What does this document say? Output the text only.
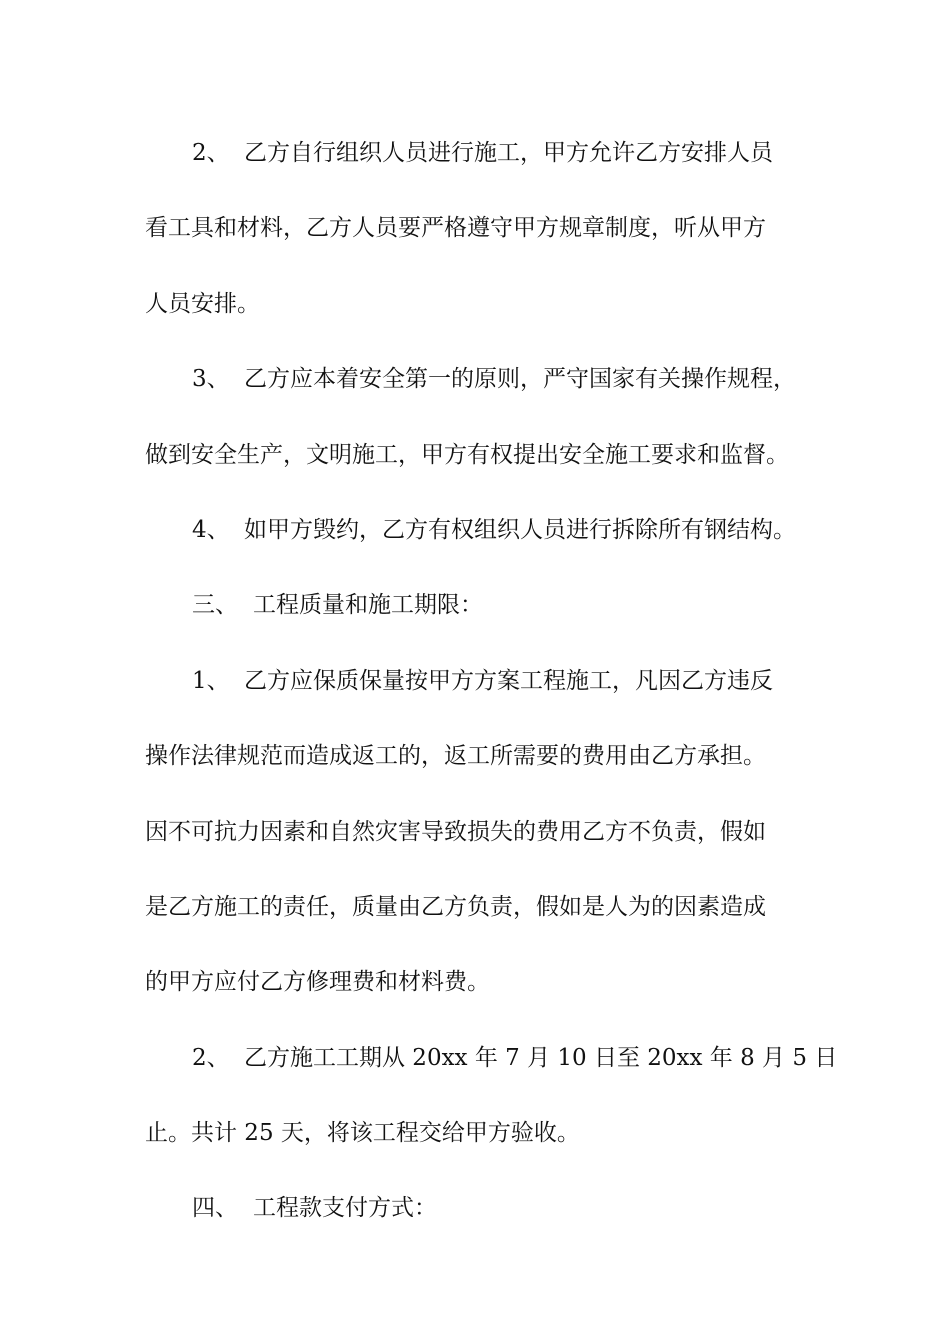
2、 乙方自行组织人员进行施工，甲方允许乙方安排人员
看工具和材料，乙方人员要严格遵守甲方规章制度，听从甲方
人员安排。
3、 乙方应本着安全第一的原则，严守国家有关操作规程，
做到安全生产，文明施工，甲方有权提出安全施工要求和监督。
4、 如甲方毁约，乙方有权组织人员进行拆除所有钢结构。
三、 工程质量和施工期限：
1、 乙方应保质保量按甲方方案工程施工，凡因乙方违反
操作法律规范而造成返工的，返工所需要的费用由乙方承担。
因不可抗力因素和自然灾害导致损失的费用乙方不负责，假如
是乙方施工的责任，质量由乙方负责，假如是人为的因素造成
的甲方应付乙方修理费和材料费。
2、 乙方施工工期从 20xx 年 7 月 10 日至 20xx 年 8 月 5 日
止。共计 25 天，将该工程交给甲方验收。
四、 工程款支付方式：
